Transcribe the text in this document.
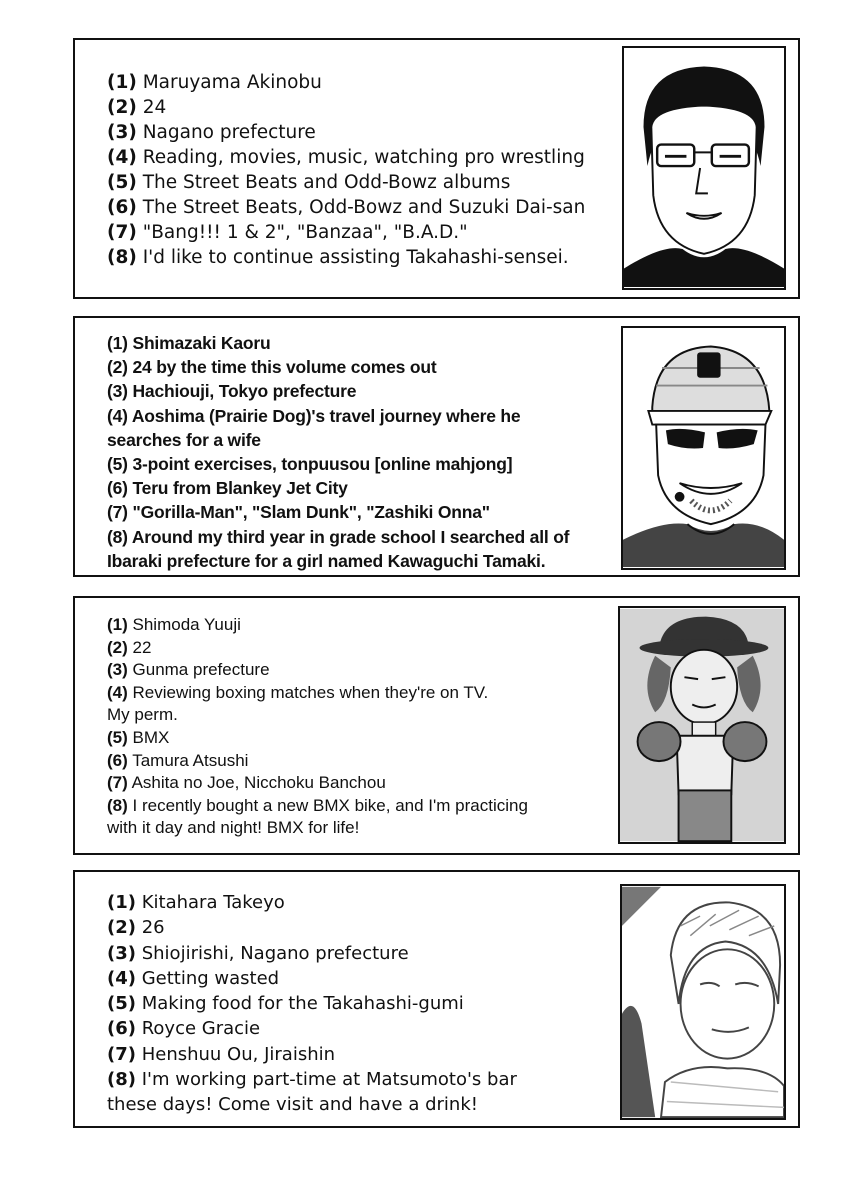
(1) Maruyama Akinobu
(2) 24
(3) Nagano prefecture
(4) Reading, movies, music, watching pro wrestling
(5) The Street Beats and Odd-Bowz albums
(6) The Street Beats, Odd-Bowz and Suzuki Dai-san
(7) "Bang!!! 1 & 2", "Banzaa", "B.A.D."
(8) I'd like to continue assisting Takahashi-sensei.
(1) Shimazaki Kaoru
(2) 24 by the time this volume comes out
(3) Hachiouji, Tokyo prefecture
(4) Aoshima (Prairie Dog)'s travel journey where he
searches for a wife
(5) 3-point exercises, tonpuusou [online mahjong]
(6) Teru from Blankey Jet City
(7) "Gorilla-Man", "Slam Dunk", "Zashiki Onna"
(8) Around my third year in grade school I searched all of
Ibaraki prefecture for a girl named Kawaguchi Tamaki.
(1) Shimoda Yuuji
(2) 22
(3) Gunma prefecture
(4) Reviewing boxing matches when they're on TV.
My perm.
(5) BMX
(6) Tamura Atsushi
(7) Ashita no Joe, Nicchoku Banchou
(8) I recently bought a new BMX bike, and I'm practicing
with it day and night! BMX for life!
(1) Kitahara Takeyo
(2) 26
(3) Shiojirishi, Nagano prefecture
(4) Getting wasted
(5) Making food for the Takahashi-gumi
(6) Royce Gracie
(7) Henshuu Ou, Jiraishin
(8) I'm working part-time at Matsumoto's bar
these days! Come visit and have a drink!
